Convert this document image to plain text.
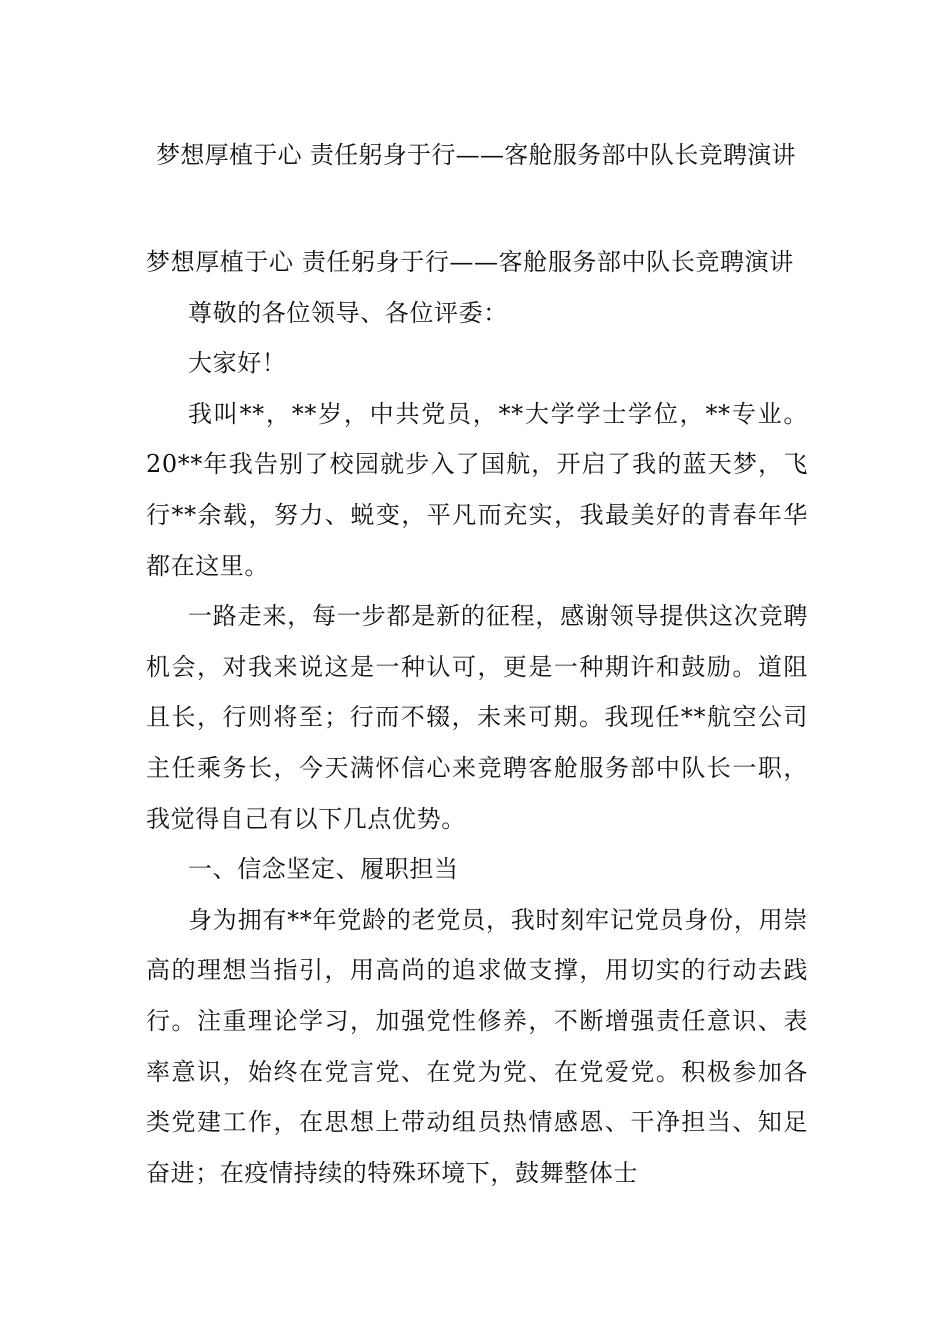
梦想厚植于心 责任躬身于行——客舱服务部中队长竞聘演讲

梦想厚植于心 责任躬身于行——客舱服务部中队长竞聘演讲

尊敬的各位领导、各位评委：

大家好！

我叫**，**岁，中共党员，**大学学士学位，**专业。20**年我告别了校园就步入了国航，开启了我的蓝天梦，飞行**余载，努力、蜕变，平凡而充实，我最美好的青春年华都在这里。

一路走来，每一步都是新的征程，感谢领导提供这次竞聘机会，对我来说这是一种认可，更是一种期许和鼓励。道阻且长，行则将至；行而不辍，未来可期。我现任**航空公司主任乘务长，今天满怀信心来竞聘客舱服务部中队长一职，我觉得自己有以下几点优势。

一、信念坚定、履职担当

身为拥有**年党龄的老党员，我时刻牢记党员身份，用崇高的理想当指引，用高尚的追求做支撑，用切实的行动去践行。注重理论学习，加强党性修养，不断增强责任意识、表率意识，始终在党言党、在党为党、在党爱党。积极参加各类党建工作，在思想上带动组员热情感恩、干净担当、知足奋进；在疫情持续的特殊环境下，鼓舞整体士
